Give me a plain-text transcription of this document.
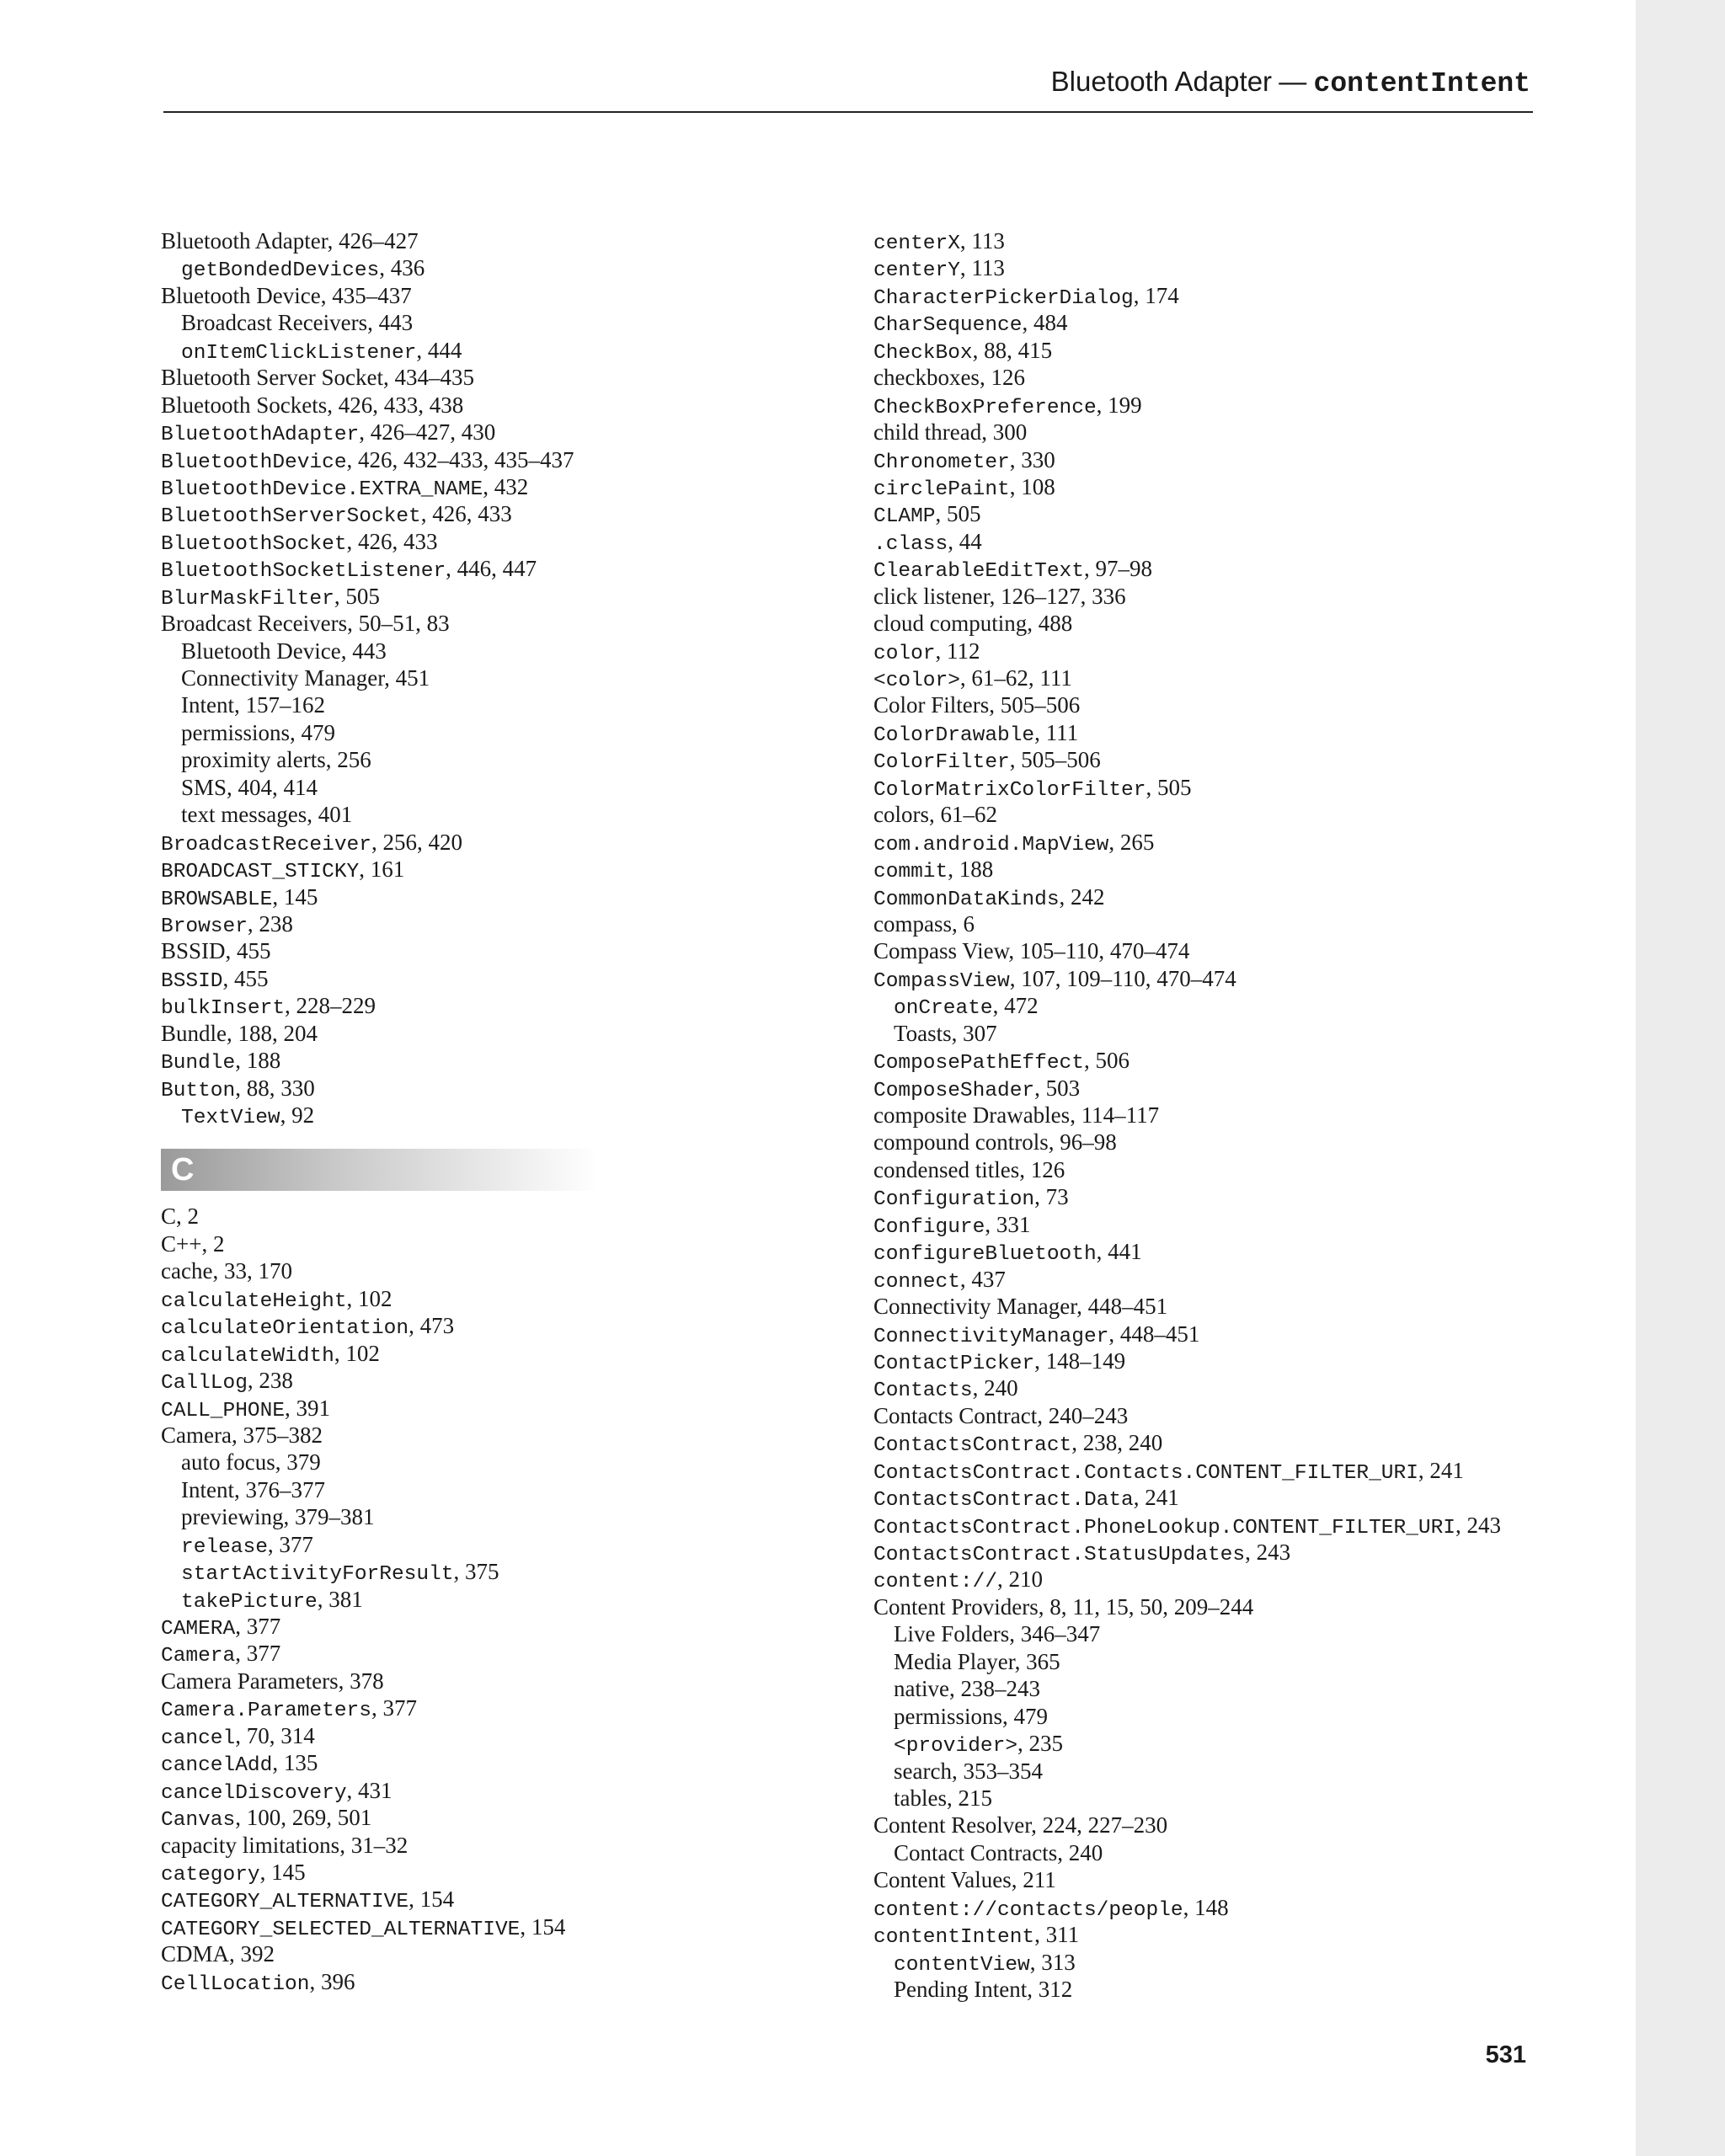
Bluetooth Adapter — contentIntent
Bluetooth Adapter, 426–427
getBondedDevices, 436
Bluetooth Device, 435–437
Broadcast Receivers, 443
onItemClickListener, 444
Bluetooth Server Socket, 434–435
Bluetooth Sockets, 426, 433, 438
BluetoothAdapter, 426–427, 430
BluetoothDevice, 426, 432–433, 435–437
BluetoothDevice.EXTRA_NAME, 432
BluetoothServerSocket, 426, 433
BluetoothSocket, 426, 433
BluetoothSocketListener, 446, 447
BlurMaskFilter, 505
Broadcast Receivers, 50–51, 83
Bluetooth Device, 443
Connectivity Manager, 451
Intent, 157–162
permissions, 479
proximity alerts, 256
SMS, 404, 414
text messages, 401
BroadcastReceiver, 256, 420
BROADCAST_STICKY, 161
BROWSABLE, 145
Browser, 238
BSSID, 455
BSSID, 455
bulkInsert, 228–229
Bundle, 188, 204
Bundle, 188
Button, 88, 330
TextView, 92
C
C, 2
C++, 2
cache, 33, 170
calculateHeight, 102
calculateOrientation, 473
calculateWidth, 102
CallLog, 238
CALL_PHONE, 391
Camera, 375–382
auto focus, 379
Intent, 376–377
previewing, 379–381
release, 377
startActivityForResult, 375
takePicture, 381
CAMERA, 377
Camera, 377
Camera Parameters, 378
Camera.Parameters, 377
cancel, 70, 314
cancelAdd, 135
cancelDiscovery, 431
Canvas, 100, 269, 501
capacity limitations, 31–32
category, 145
CATEGORY_ALTERNATIVE, 154
CATEGORY_SELECTED_ALTERNATIVE, 154
CDMA, 392
CellLocation, 396
centerX, 113
centerY, 113
CharacterPickerDialog, 174
CharSequence, 484
CheckBox, 88, 415
checkboxes, 126
CheckBoxPreference, 199
child thread, 300
Chronometer, 330
circlePaint, 108
CLAMP, 505
.class, 44
ClearableEditText, 97–98
click listener, 126–127, 336
cloud computing, 488
color, 112
<color>, 61–62, 111
Color Filters, 505–506
ColorDrawable, 111
ColorFilter, 505–506
ColorMatrixColorFilter, 505
colors, 61–62
com.android.MapView, 265
commit, 188
CommonDataKinds, 242
compass, 6
Compass View, 105–110, 470–474
CompassView, 107, 109–110, 470–474
onCreate, 472
Toasts, 307
ComposePathEffect, 506
ComposeShader, 503
composite Drawables, 114–117
compound controls, 96–98
condensed titles, 126
Configuration, 73
Configure, 331
configureBluetooth, 441
connect, 437
Connectivity Manager, 448–451
ConnectivityManager, 448–451
ContactPicker, 148–149
Contacts, 240
Contacts Contract, 240–243
ContactsContract, 238, 240
ContactsContract.Contacts.CONTENT_FILTER_URI, 241
ContactsContract.Data, 241
ContactsContract.PhoneLookup.CONTENT_FILTER_URI, 243
ContactsContract.StatusUpdates, 243
content://, 210
Content Providers, 8, 11, 15, 50, 209–244
Live Folders, 346–347
Media Player, 365
native, 238–243
permissions, 479
<provider>, 235
search, 353–354
tables, 215
Content Resolver, 224, 227–230
Contact Contracts, 240
Content Values, 211
content://contacts/people, 148
contentIntent, 311
contentView, 313
Pending Intent, 312
531
